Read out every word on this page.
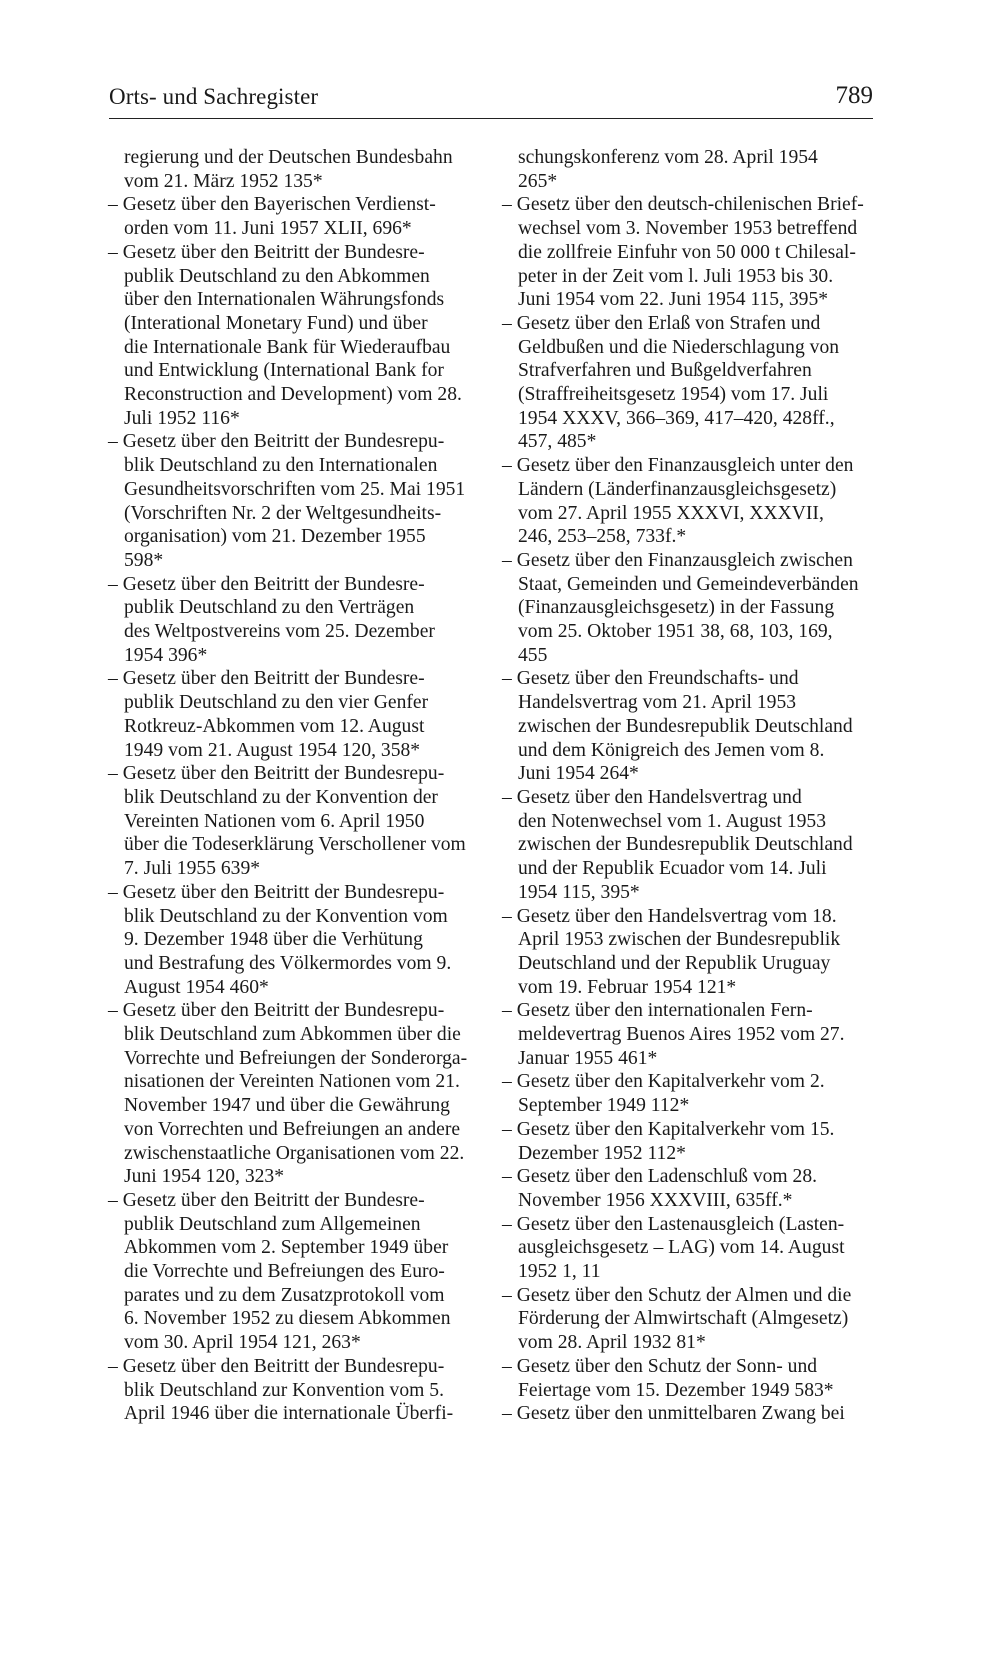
Orts- und Sachregister	789

regierung und der Deutschen Bundesbahn
vom 21. März 1952 135*

– Gesetz über den Bayerischen Verdienst-
orden vom 11. Juni 1957 XLII, 696*

– Gesetz über den Beitritt der Bundesre-
publik Deutschland zu den Abkommen
über den Internationalen Währungsfonds
(Interational Monetary Fund) und über
die Internationale Bank für Wiederaufbau
und Entwicklung (International Bank for
Reconstruction and Development) vom 28.
Juli 1952 116*

– Gesetz über den Beitritt der Bundesrepu-
blik Deutschland zu den Internationalen
Gesundheitsvorschriften vom 25. Mai 1951
(Vorschriften Nr. 2 der Weltgesundheits-
organisation) vom 21. Dezember 1955
598*

– Gesetz über den Beitritt der Bundesre-
publik Deutschland zu den Verträgen
des Weltpostvereins vom 25. Dezember
1954 396*

– Gesetz über den Beitritt der Bundesre-
publik Deutschland zu den vier Genfer
Rotkreuz-Abkommen vom 12. August
1949 vom 21. August 1954 120, 358*

– Gesetz über den Beitritt der Bundesrepu-
blik Deutschland zu der Konvention der
Vereinten Nationen vom 6. April 1950
über die Todeserklärung Verschollener vom
7. Juli 1955 639*

– Gesetz über den Beitritt der Bundesrepu-
blik Deutschland zu der Konvention vom
9. Dezember 1948 über die Verhütung
und Bestrafung des Völkermordes vom 9.
August 1954 460*

– Gesetz über den Beitritt der Bundesrepu-
blik Deutschland zum Abkommen über die
Vorrechte und Befreiungen der Sonderorga-
nisationen der Vereinten Nationen vom 21.
November 1947 und über die Gewährung
von Vorrechten und Befreiungen an andere
zwischenstaatliche Organisationen vom 22.
Juni 1954 120, 323*

– Gesetz über den Beitritt der Bundesre-
publik Deutschland zum Allgemeinen
Abkommen vom 2. September 1949 über
die Vorrechte und Befreiungen des Euro-
parates und zu dem Zusatzprotokoll vom
6. November 1952 zu diesem Abkommen
vom 30. April 1954 121, 263*

– Gesetz über den Beitritt der Bundesrepu-
blik Deutschland zur Konvention vom 5.
April 1946 über die internationale Überfi-

schungskonferenz vom 28. April 1954
265*

– Gesetz über den deutsch-chilenischen Brief-
wechsel vom 3. November 1953 betreffend
die zollfreie Einfuhr von 50 000 t Chilesal-
peter in der Zeit vom l. Juli 1953 bis 30.
Juni 1954 vom 22. Juni 1954 115, 395*

– Gesetz über den Erlaß von Strafen und
Geldbußen und die Niederschlagung von
Strafverfahren und Bußgeldverfahren
(Straffreiheitsgesetz 1954) vom 17. Juli
1954 XXXV, 366–369, 417–420, 428ff.,
457, 485*

– Gesetz über den Finanzausgleich unter den
Ländern (Länderfinanzausgleichsgesetz)
vom 27. April 1955 XXXVI, XXXVII,
246, 253–258, 733f.*

– Gesetz über den Finanzausgleich zwischen
Staat, Gemeinden und Gemeindeverbänden
(Finanzausgleichsgesetz) in der Fassung
vom 25. Oktober 1951 38, 68, 103, 169,
455

– Gesetz über den Freundschafts- und
Handelsvertrag vom 21. April 1953
zwischen der Bundesrepublik Deutschland
und dem Königreich des Jemen vom 8.
Juni 1954 264*

– Gesetz über den Handelsvertrag und
den Notenwechsel vom 1. August 1953
zwischen der Bundesrepublik Deutschland
und der Republik Ecuador vom 14. Juli
1954 115, 395*

– Gesetz über den Handelsvertrag vom 18.
April 1953 zwischen der Bundesrepublik
Deutschland und der Republik Uruguay
vom 19. Februar 1954 121*

– Gesetz über den internationalen Fern-
meldevertrag Buenos Aires 1952 vom 27.
Januar 1955 461*

– Gesetz über den Kapitalverkehr vom 2.
September 1949 112*

– Gesetz über den Kapitalverkehr vom 15.
Dezember 1952 112*

– Gesetz über den Ladenschluß vom 28.
November 1956 XXXVIII, 635ff.*

– Gesetz über den Lastenausgleich (Lasten-
ausgleichsgesetz – LAG) vom 14. August
1952 1, 11

– Gesetz über den Schutz der Almen und die
Förderung der Almwirtschaft (Almgesetz)
vom 28. April 1932 81*

– Gesetz über den Schutz der Sonn- und
Feiertage vom 15. Dezember 1949 583*

– Gesetz über den unmittelbaren Zwang bei
